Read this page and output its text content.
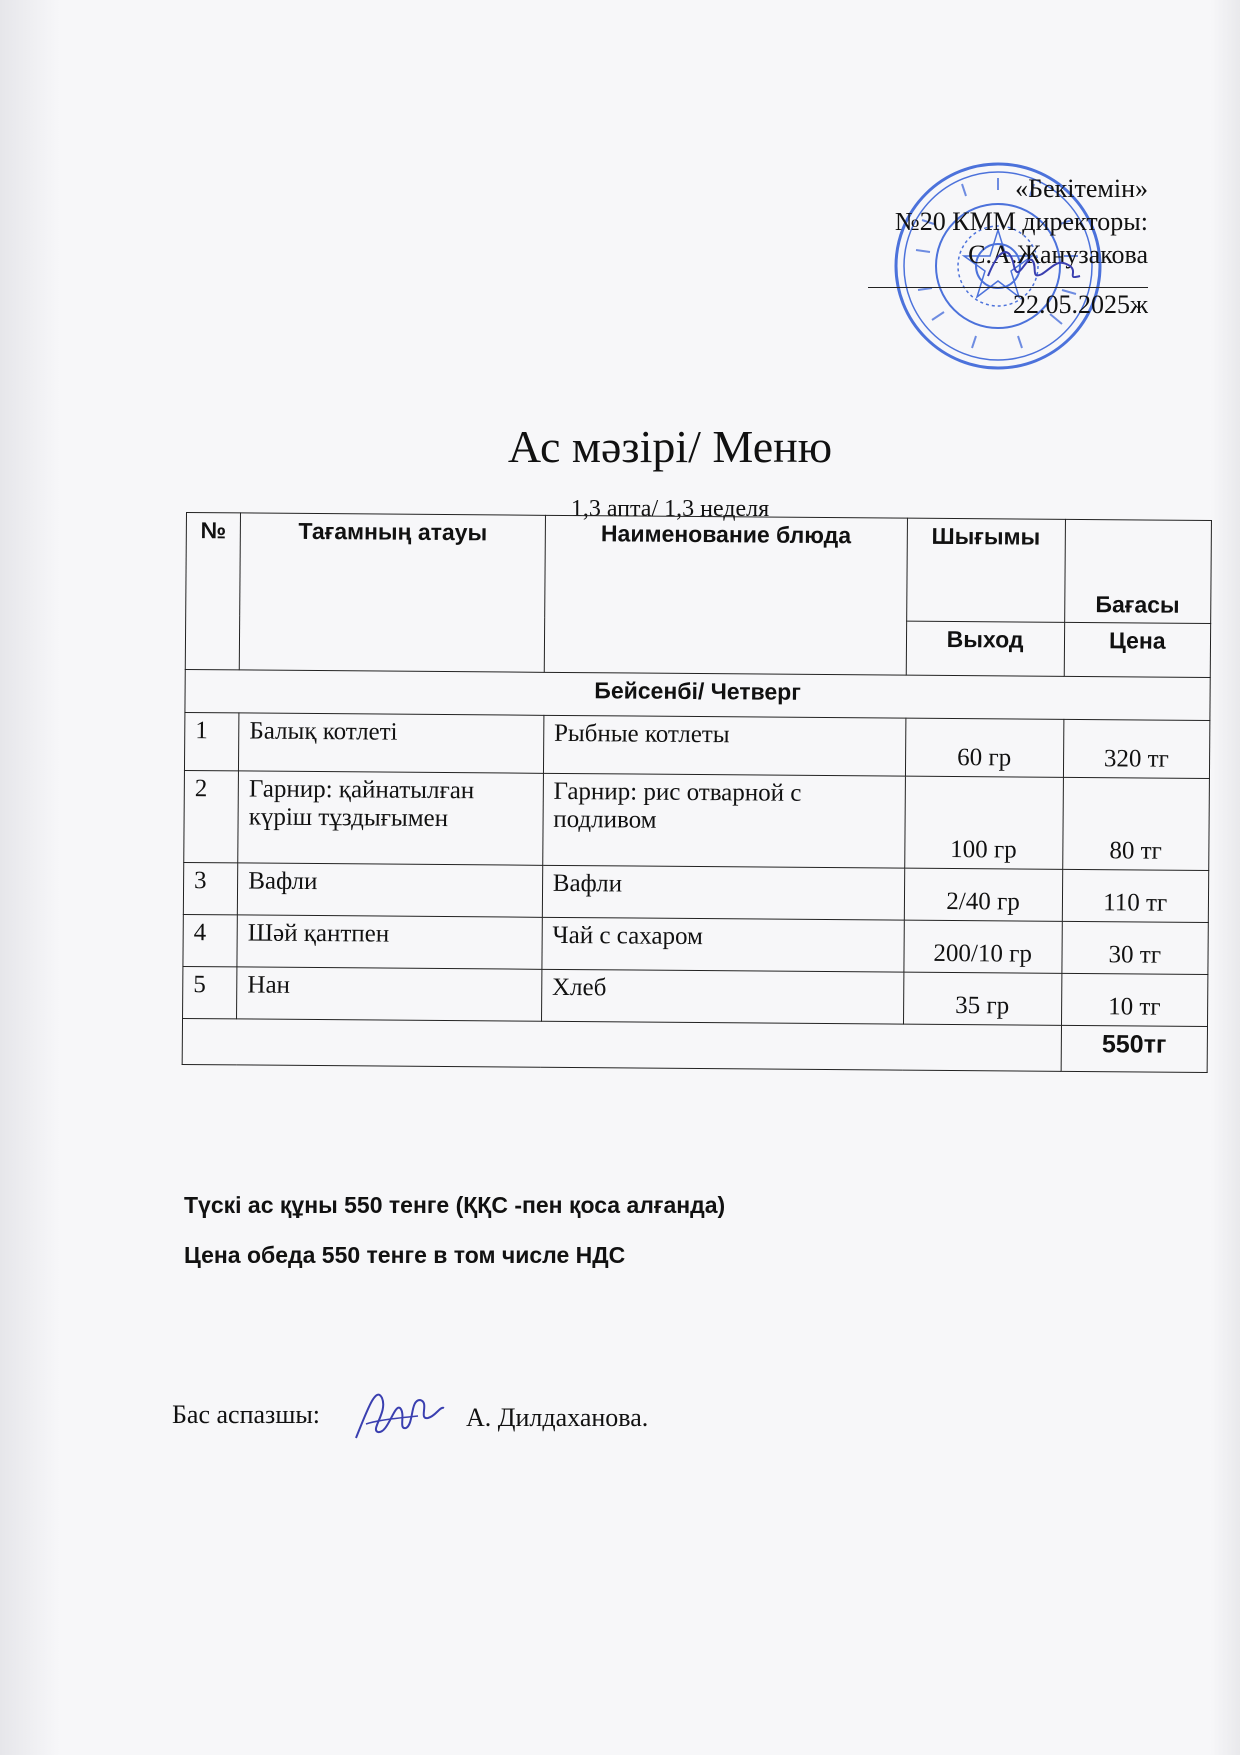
«Бекітемін»
№20 КММ директоры:
С.А.Жанузакова
22.05.2025ж
Ас мәзірі/ Меню
1,3 апта/ 1,3 неделя
№	Тағамның атауы	Наименование блюда	Шығымы	Бағасы
			Выход	Цена
Бейсенбі/ Четверг				
1	Балық котлеті	Рыбные котлеты	60 гр	320 тг
2	Гарнир: қайнатылған күріш тұздығымен	Гарнир: рис отварной с подливом	100 гр	80 тг
3	Вафли	Вафли	2/40 гр	110 тг
4	Шәй қантпен	Чай с сахаром	200/10 гр	30 тг
5	Нан	Хлеб	35 гр	10 тг
				550тг
Түскі ас құны 550 тенге (ҚҚС -пен қоса алғанда)
Цена обеда 550 тенге в том числе НДС
Бас аспазшы:	А. Дилдаханова.
